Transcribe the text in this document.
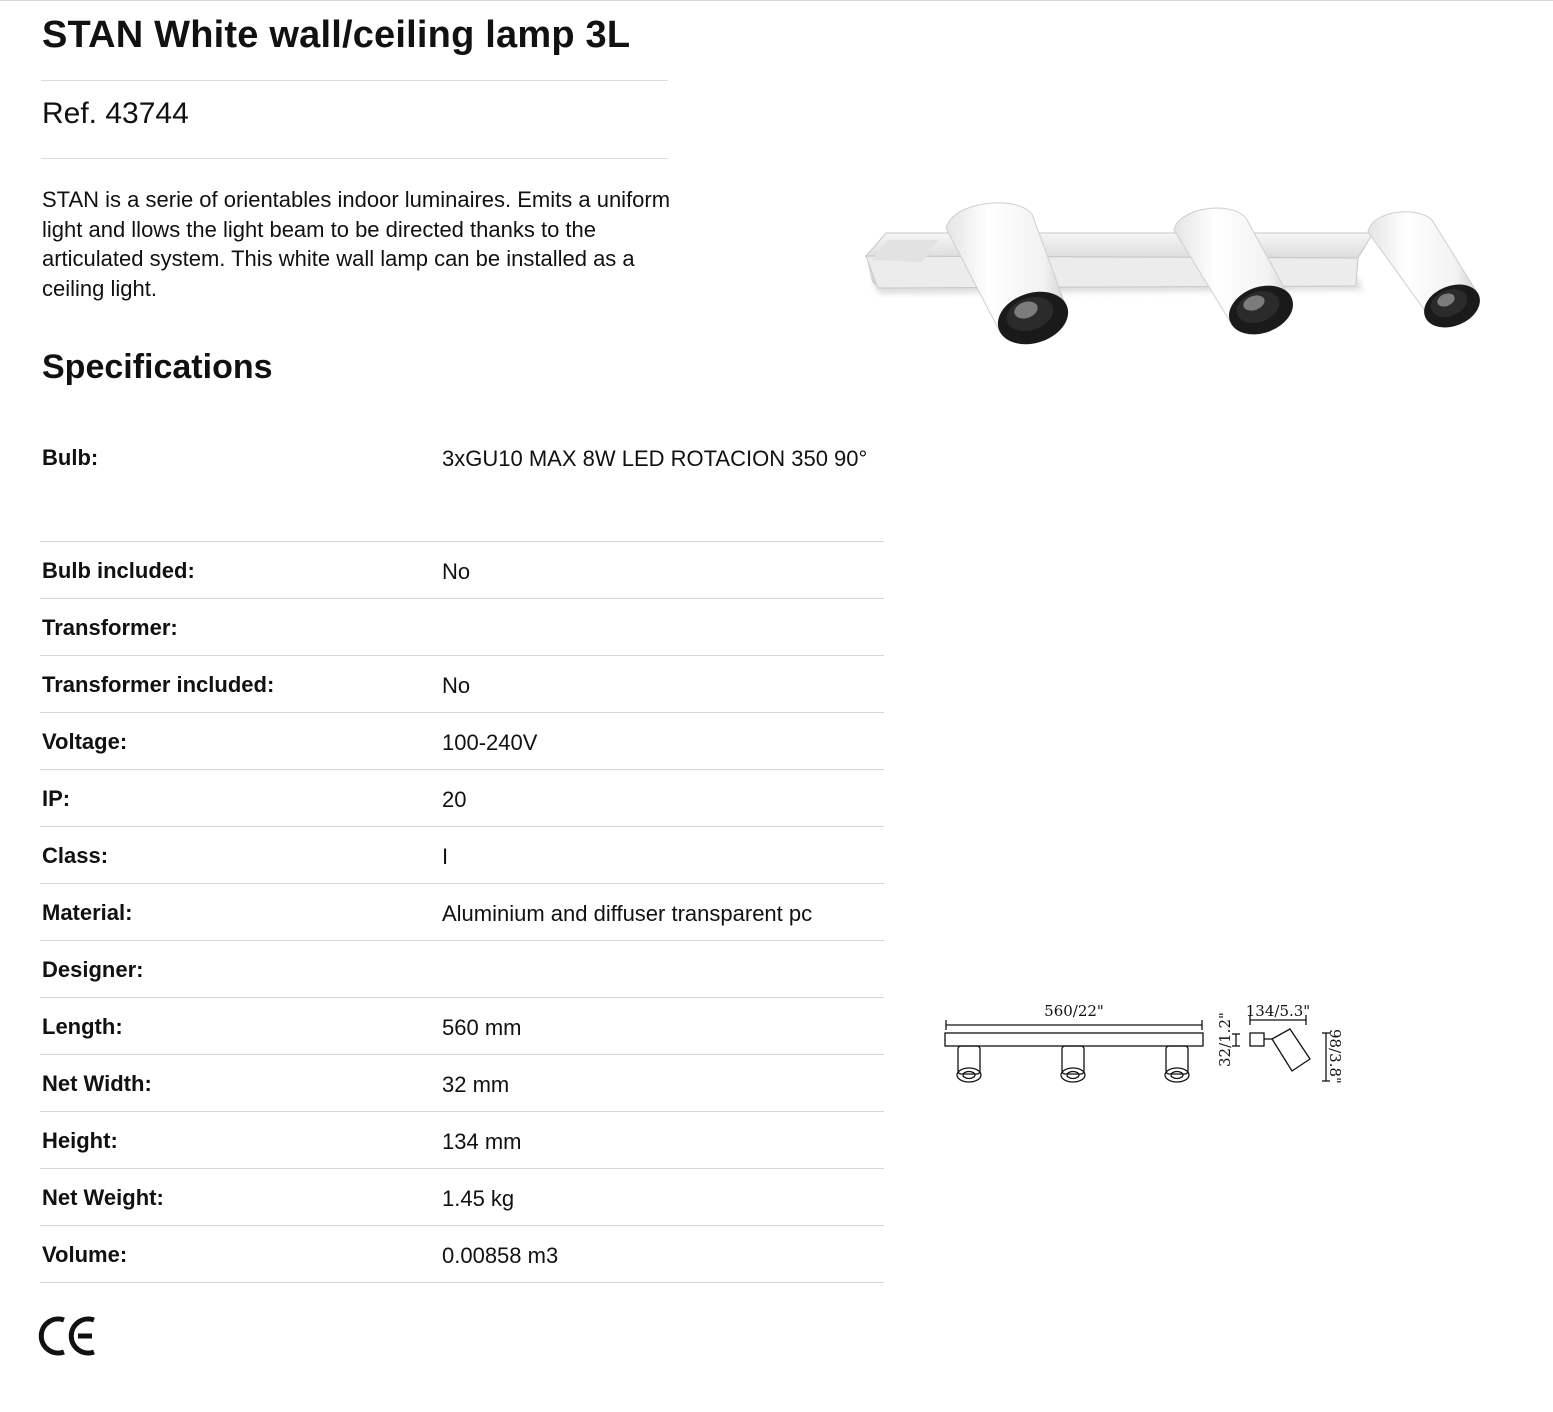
STAN White wall/ceiling lamp 3L
Ref. 43744

STAN is a serie of orientables indoor luminaires. Emits a uniform light and llows the light beam to be directed thanks to the articulated system. This white wall lamp can be installed as a ceiling light.

Specifications
Bulb:	3xGU10 MAX 8W LED ROTACION 350 90°
Bulb included:	No
Transformer:
Transformer included:	No
Voltage:	100-240V
IP:	20
Class:	I
Material:	Aluminium and diffuser transparent pc
Designer:
Length:	560 mm
Net Width:	32 mm
Height:	134 mm
Net Weight:	1.45 kg
Volume:	0.00858 m3
560/22"	134/5.3"
32/1.2"	98/3.8"
